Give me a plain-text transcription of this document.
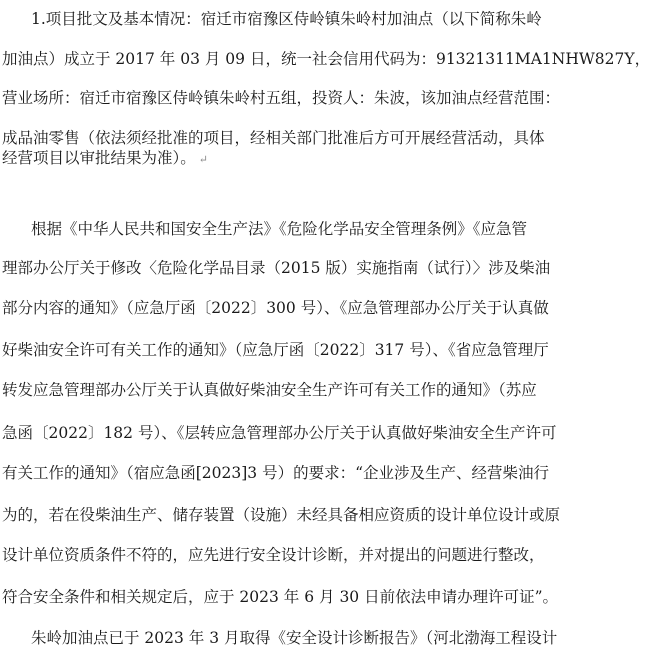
1.项目批文及基本情况：宿迁市宿豫区侍岭镇朱岭村加油点（以下简称朱岭
加油点）成立于 2017 年 03 月 09 日，统一社会信用代码为：91321311MA1NHW827Y，
营业场所：宿迁市宿豫区侍岭镇朱岭村五组，投资人：朱波，该加油点经营范围：
成品油零售（依法须经批准的项目，经相关部门批准后方可开展经营活动，具体
经营项目以审批结果为准）。 ↵
根据《中华人民共和国安全生产法》《危险化学品安全管理条例》《应急管
理部办公厅关于修改〈危险化学品目录（2015 版）实施指南（试行）〉涉及柴油
部分内容的通知》（应急厅函〔2022〕300 号）、《应急管理部办公厅关于认真做
好柴油安全许可有关工作的通知》（应急厅函〔2022〕317 号）、《省应急管理厅
转发应急管理部办公厅关于认真做好柴油安全生产许可有关工作的通知》（苏应
急函〔2022〕182 号）、《层转应急管理部办公厅关于认真做好柴油安全生产许可
有关工作的通知》（宿应急函[2023]3 号）的要求：“企业涉及生产、经营柴油行
为的，若在役柴油生产、储存装置（设施）未经具备相应资质的设计单位设计或原
设计单位资质条件不符的，应先进行安全设计诊断，并对提出的问题进行整改，
符合安全条件和相关规定后，应于 2023 年 6 月 30 日前依法申请办理许可证”。
朱岭加油点已于 2023 年 3 月取得《安全设计诊断报告》（河北渤海工程设计
